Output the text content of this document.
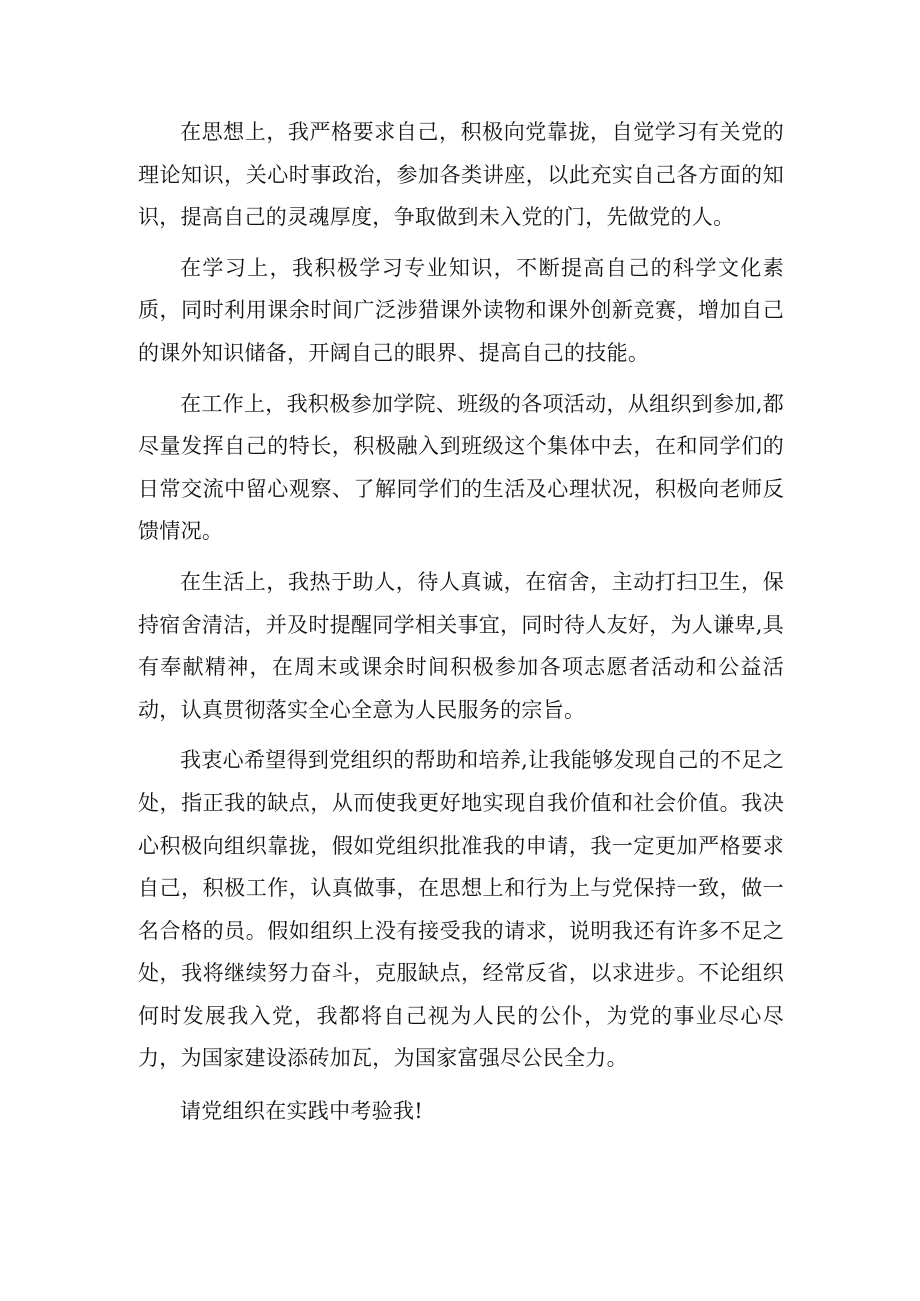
在思想上，我严格要求自己，积极向党靠拢，自觉学习有关党的理论知识，关心时事政治，参加各类讲座，以此充实自己各方面的知识，提高自己的灵魂厚度，争取做到未入党的门，先做党的人。

在学习上，我积极学习专业知识，不断提高自己的科学文化素质，同时利用课余时间广泛涉猎课外读物和课外创新竞赛，增加自己的课外知识储备，开阔自己的眼界、提高自己的技能。

在工作上，我积极参加学院、班级的各项活动，从组织到参加,都尽量发挥自己的特长，积极融入到班级这个集体中去，在和同学们的日常交流中留心观察、了解同学们的生活及心理状况，积极向老师反馈情况。

在生活上，我热于助人，待人真诚，在宿舍，主动打扫卫生，保持宿舍清洁，并及时提醒同学相关事宜，同时待人友好，为人谦卑,具有奉献精神，在周末或课余时间积极参加各项志愿者活动和公益活动，认真贯彻落实全心全意为人民服务的宗旨。

我衷心希望得到党组织的帮助和培养,让我能够发现自己的不足之处，指正我的缺点，从而使我更好地实现自我价值和社会价值。我决心积极向组织靠拢，假如党组织批准我的申请，我一定更加严格要求自己，积极工作，认真做事，在思想上和行为上与党保持一致，做一名合格的员。假如组织上没有接受我的请求，说明我还有许多不足之处，我将继续努力奋斗，克服缺点，经常反省，以求进步。不论组织何时发展我入党，我都将自己视为人民的公仆，为党的事业尽心尽力，为国家建设添砖加瓦，为国家富强尽公民全力。

请党组织在实践中考验我!
